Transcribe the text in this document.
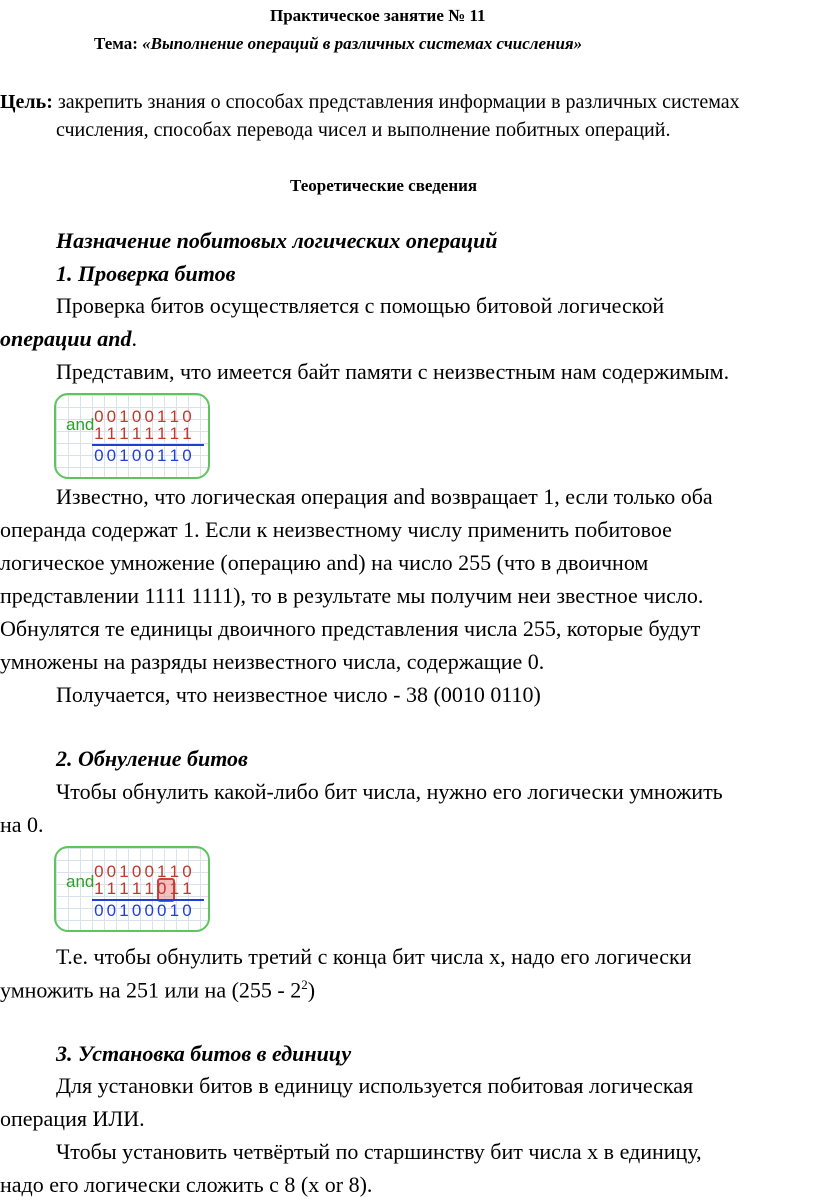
Практическое занятие № 11
Тема: «Выполнение операций в различных системах счисления»
Цель: закрепить знания о способах представления информации в различных системах
счисления, способах перевода чисел и выполнение побитных операций.
Теоретические сведения
Назначение побитовых логических операций
1. Проверка битов
Проверка битов осуществляется с помощью битовой логической
операции and.
Представим, что имеется байт памяти с неизвестным нам содержимым.
and 00100110
11111111
00100110
Известно, что логическая операция and возвращает 1, если только оба
операнда содержат 1. Если к неизвестному числу применить побитовое
логическое умножение (операцию and) на число 255 (что в двоичном
представлении 1111 1111), то в результате мы получим неи звестное число.
Обнулятся те единицы двоичного представления числа 255, которые будут
умножены на разряды неизвестного числа, содержащие 0.
Получается, что неизвестное число - 38 (0010 0110)
2. Обнуление битов
Чтобы обнулить какой-либо бит числа, нужно его логически умножить
на 0.
and
00100110
11111011
00100010
Т.е. чтобы обнулить третий с конца бит числа x, надо его логически
умножить на 251 или на $(255 - 2^2)$
3. Установка битов в единицу
Для установки битов в единицу используется побитовая логическая
операция ИЛИ.
Чтобы установить четвёртый по старшинству бит числа x в единицу,
надо его логически сложить с 8 (x or 8).
